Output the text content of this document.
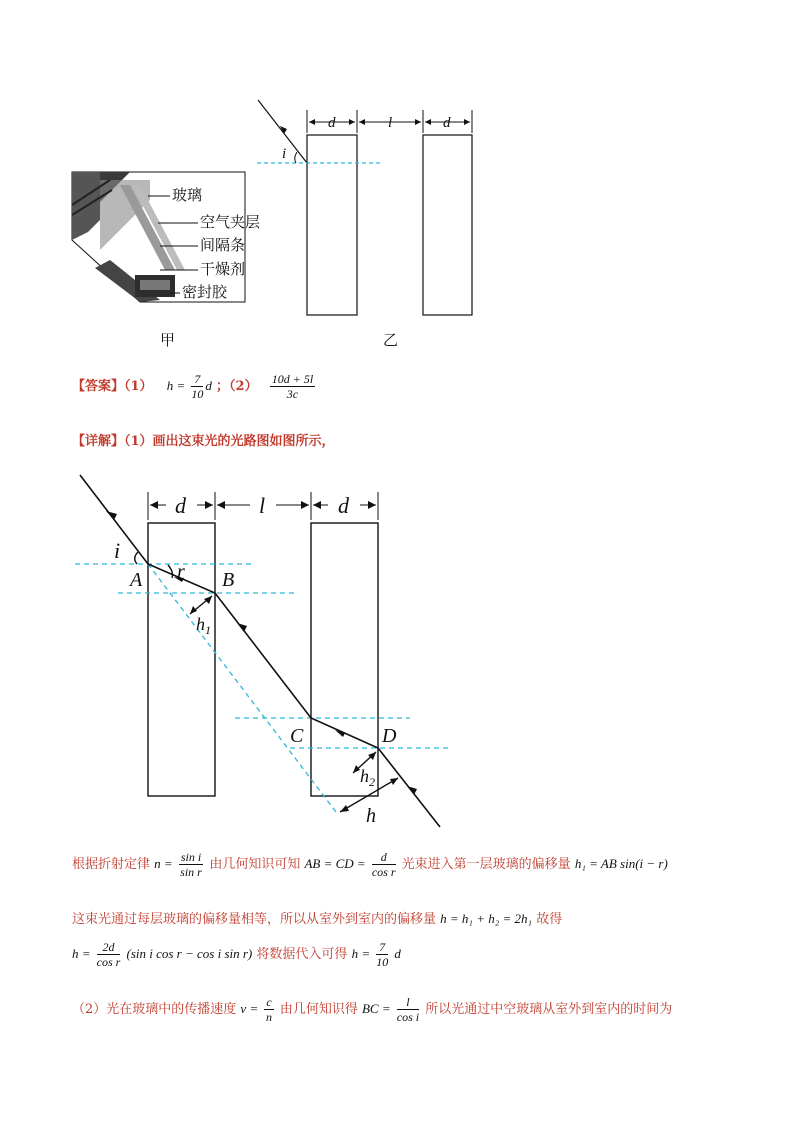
玻璃
空气夹层
间隔条
干燥剂
密封胶
甲
d	l	d
i
乙
【答案】（1） $h = \frac{7}{10}$ d ；$(2) \frac{10d + 5l}{3c}$
【详解】（1）画出这束光的光路图如图所示，
d	l	d
i
r
A	B
C	D
$h_1$
$h_2$
h
根据折射定律 $n = \frac{\text{sin i}}{\text{sin r}}$ 由几何知识可知 AB = CD = $\frac{d}{\text{cos r}}$ 光束进入第一层玻璃的偏移量 h₁ = AB sin(i − r)
这束光通过每层玻璃的偏移量相等，所以从室外到室内的偏移量 h = h₁ + h₂ = 2h₁ 故得
$h = \frac{2d}{\text{cos r}} (\sin$ i cos r − cos i sin r) 将数据代入可得 $h = \frac{7}{10}$ d
（2）光在玻璃中的传播速度 $v = \frac{c}{n}$ 由几何知识得 BC = $\frac{l}{\text{cos i}}$ 所以光通过中空玻璃从室外到室内的时间为
